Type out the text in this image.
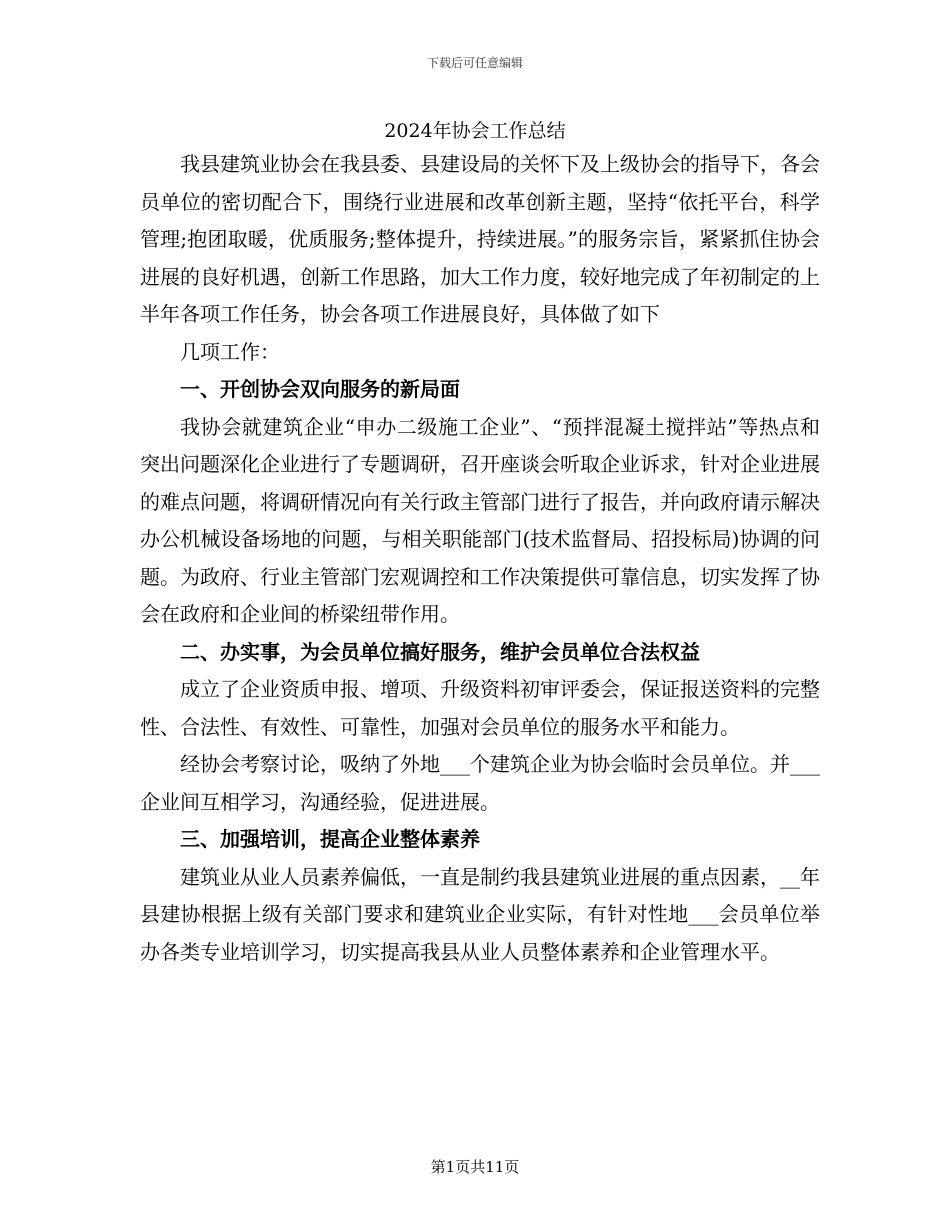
下载后可任意编辑
2024年协会工作总结

我县建筑业协会在我县委、县建设局的关怀下及上级协会的指导下，各会员单位的密切配合下，围绕行业进展和改革创新主题，坚持“依托平台，科学管理;抱团取暖，优质服务;整体提升，持续进展。”的服务宗旨，紧紧抓住协会进展的良好机遇，创新工作思路，加大工作力度，较好地完成了年初制定的上半年各项工作任务，协会各项工作进展良好，具体做了如下

几项工作：

一、开创协会双向服务的新局面

我协会就建筑企业“申办二级施工企业”、“预拌混凝土搅拌站”等热点和突出问题深化企业进行了专题调研，召开座谈会听取企业诉求，针对企业进展的难点问题，将调研情况向有关行政主管部门进行了报告，并向政府请示解决办公机械设备场地的问题，与相关职能部门(技术监督局、招投标局)协调的问题。为政府、行业主管部门宏观调控和工作决策提供可靠信息，切实发挥了协会在政府和企业间的桥梁纽带作用。

二、办实事，为会员单位搞好服务，维护会员单位合法权益

成立了企业资质申报、增项、升级资料初审评委会，保证报送资料的完整性、合法性、有效性、可靠性，加强对会员单位的服务水平和能力。

经协会考察讨论，吸纳了外地___个建筑企业为协会临时会员单位。并___企业间互相学习，沟通经验，促进进展。

三、加强培训，提高企业整体素养

建筑业从业人员素养偏低，一直是制约我县建筑业进展的重点因素，__年县建协根据上级有关部门要求和建筑业企业实际，有针对性地___会员单位举办各类专业培训学习，切实提高我县从业人员整体素养和企业管理水平。

第1页共11页
